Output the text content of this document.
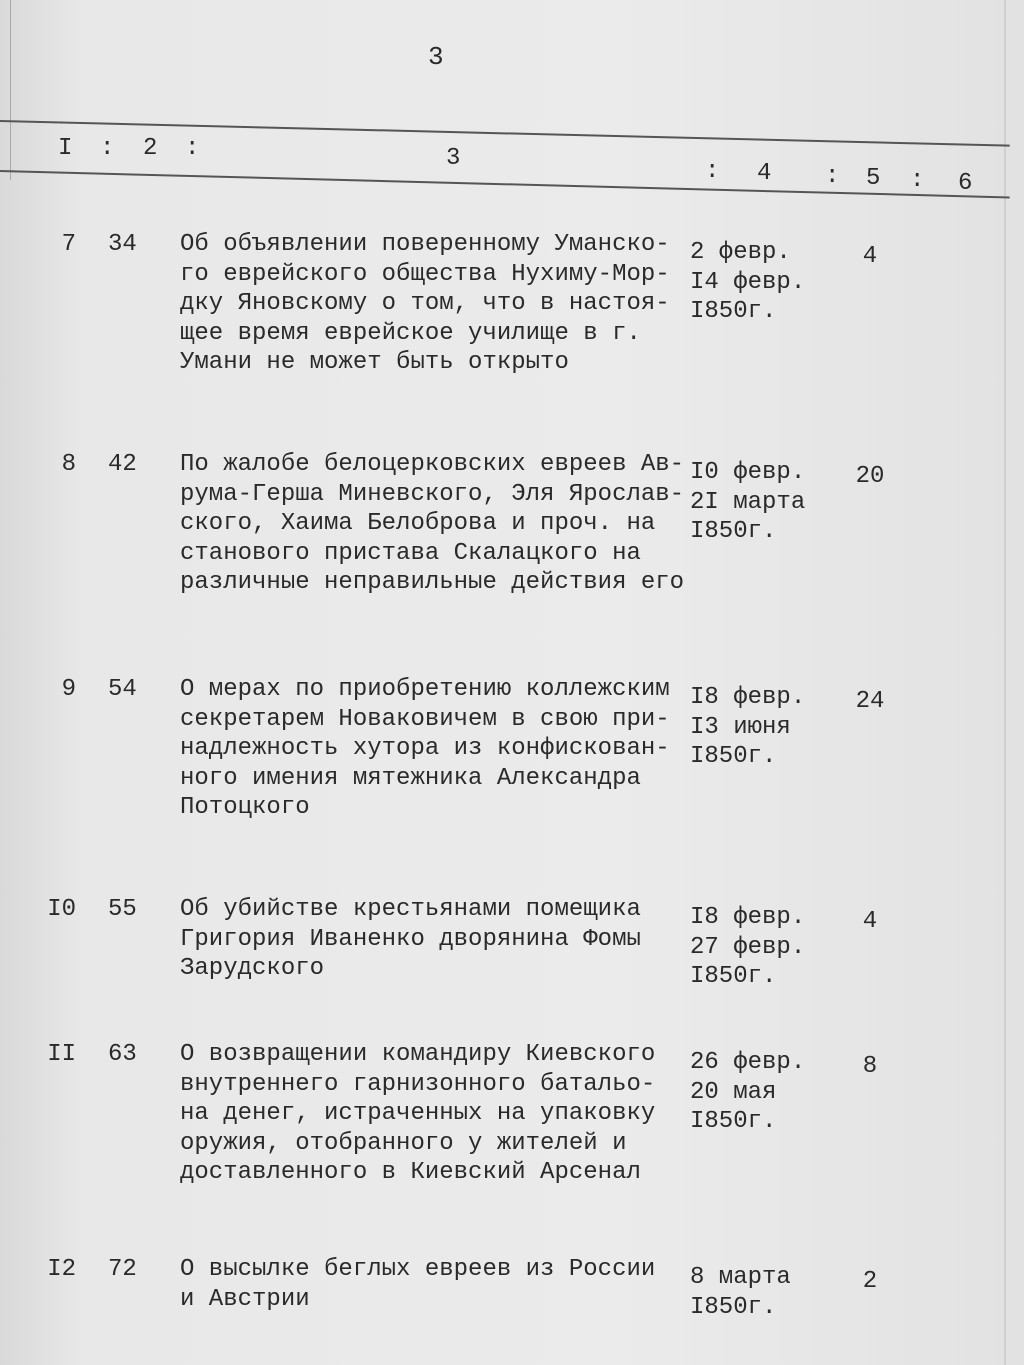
3
I : 2 :	3	: 4 : 5 : 6
7 34 Об объявлении поверенному Уманско-
го еврейского общества Нухиму-Мор-
дку Яновскому о том, что в настоя-
щее время еврейское училище в г.
Умани не может быть открыто
2 февр.
I4 февр.
I850г.
4
8 42 По жалобе белоцерковских евреев Ав-
рума-Герша Миневского, Эля Ярослав-
ского, Хаима Белоброва и проч. на
станового пристава Скалацкого на
различные неправильные действия его
I0 февр.
2I марта
I850г.
20
9 54 О мерах по приобретению коллежским
секретарем Новаковичем в свою при-
надлежность хутора из конфискован-
ного имения мятежника Александра
Потоцкого
I8 февр.
I3 июня
I850г.
24
I0 55 Об убийстве крестьянами помещика
Григория Иваненко дворянина Фомы
Зарудского
I8 февр.
27 февр.
I850г.
4
II 63 О возвращении командиру Киевского
внутреннего гарнизонного батальо-
на денег, истраченных на упаковку
оружия, отобранного у жителей и
доставленного в Киевский Арсенал
26 февр.
20 мая
I850г.
8
I2 72 О высылке беглых евреев из России
и Австрии
8 марта
I850г.
2
